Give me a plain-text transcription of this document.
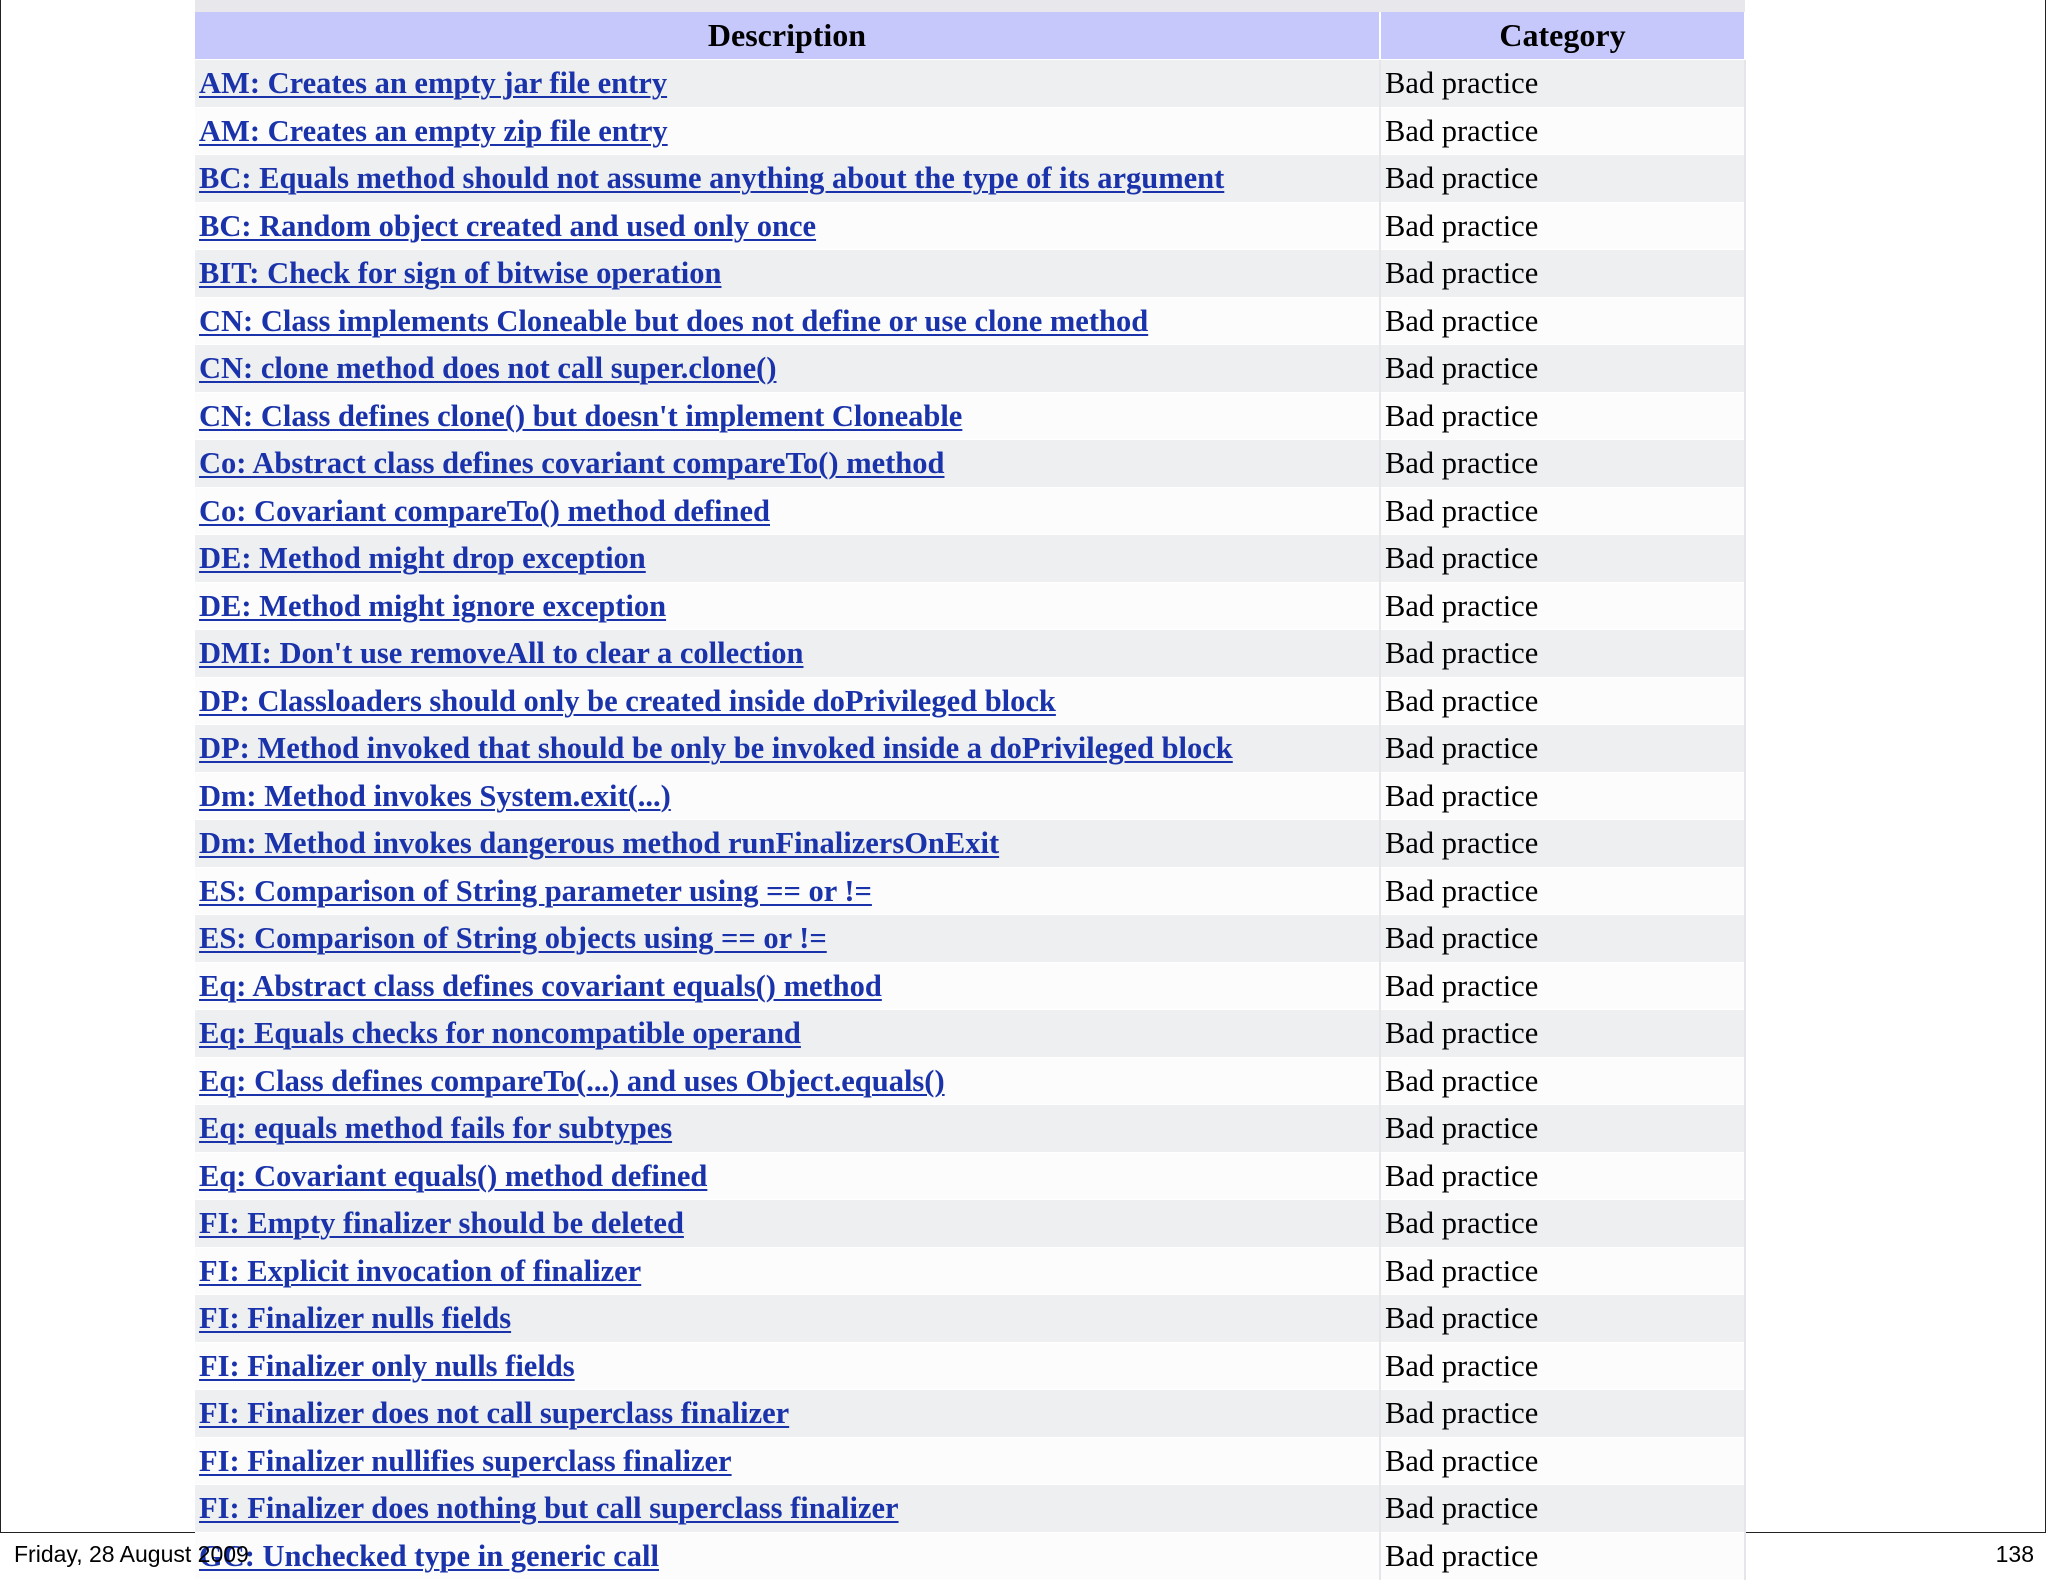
Description	Category
AM: Creates an empty jar file entry	Bad practice
AM: Creates an empty zip file entry	Bad practice
BC: Equals method should not assume anything about the type of its argument	Bad practice
BC: Random object created and used only once	Bad practice
BIT: Check for sign of bitwise operation	Bad practice
CN: Class implements Cloneable but does not define or use clone method	Bad practice
CN: clone method does not call super.clone()	Bad practice
CN: Class defines clone() but doesn't implement Cloneable	Bad practice
Co: Abstract class defines covariant compareTo() method	Bad practice
Co: Covariant compareTo() method defined	Bad practice
DE: Method might drop exception	Bad practice
DE: Method might ignore exception	Bad practice
DMI: Don't use removeAll to clear a collection	Bad practice
DP: Classloaders should only be created inside doPrivileged block	Bad practice
DP: Method invoked that should be only be invoked inside a doPrivileged block	Bad practice
Dm: Method invokes System.exit(...)	Bad practice
Dm: Method invokes dangerous method runFinalizersOnExit	Bad practice
ES: Comparison of String parameter using == or !=	Bad practice
ES: Comparison of String objects using == or !=	Bad practice
Eq: Abstract class defines covariant equals() method	Bad practice
Eq: Equals checks for noncompatible operand	Bad practice
Eq: Class defines compareTo(...) and uses Object.equals()	Bad practice
Eq: equals method fails for subtypes	Bad practice
Eq: Covariant equals() method defined	Bad practice
FI: Empty finalizer should be deleted	Bad practice
FI: Explicit invocation of finalizer	Bad practice
FI: Finalizer nulls fields	Bad practice
FI: Finalizer only nulls fields	Bad practice
FI: Finalizer does not call superclass finalizer	Bad practice
FI: Finalizer nullifies superclass finalizer	Bad practice
FI: Finalizer does nothing but call superclass finalizer	Bad practice
GC: Unchecked type in generic call	Bad practice
Friday, 28 August 2009	138
